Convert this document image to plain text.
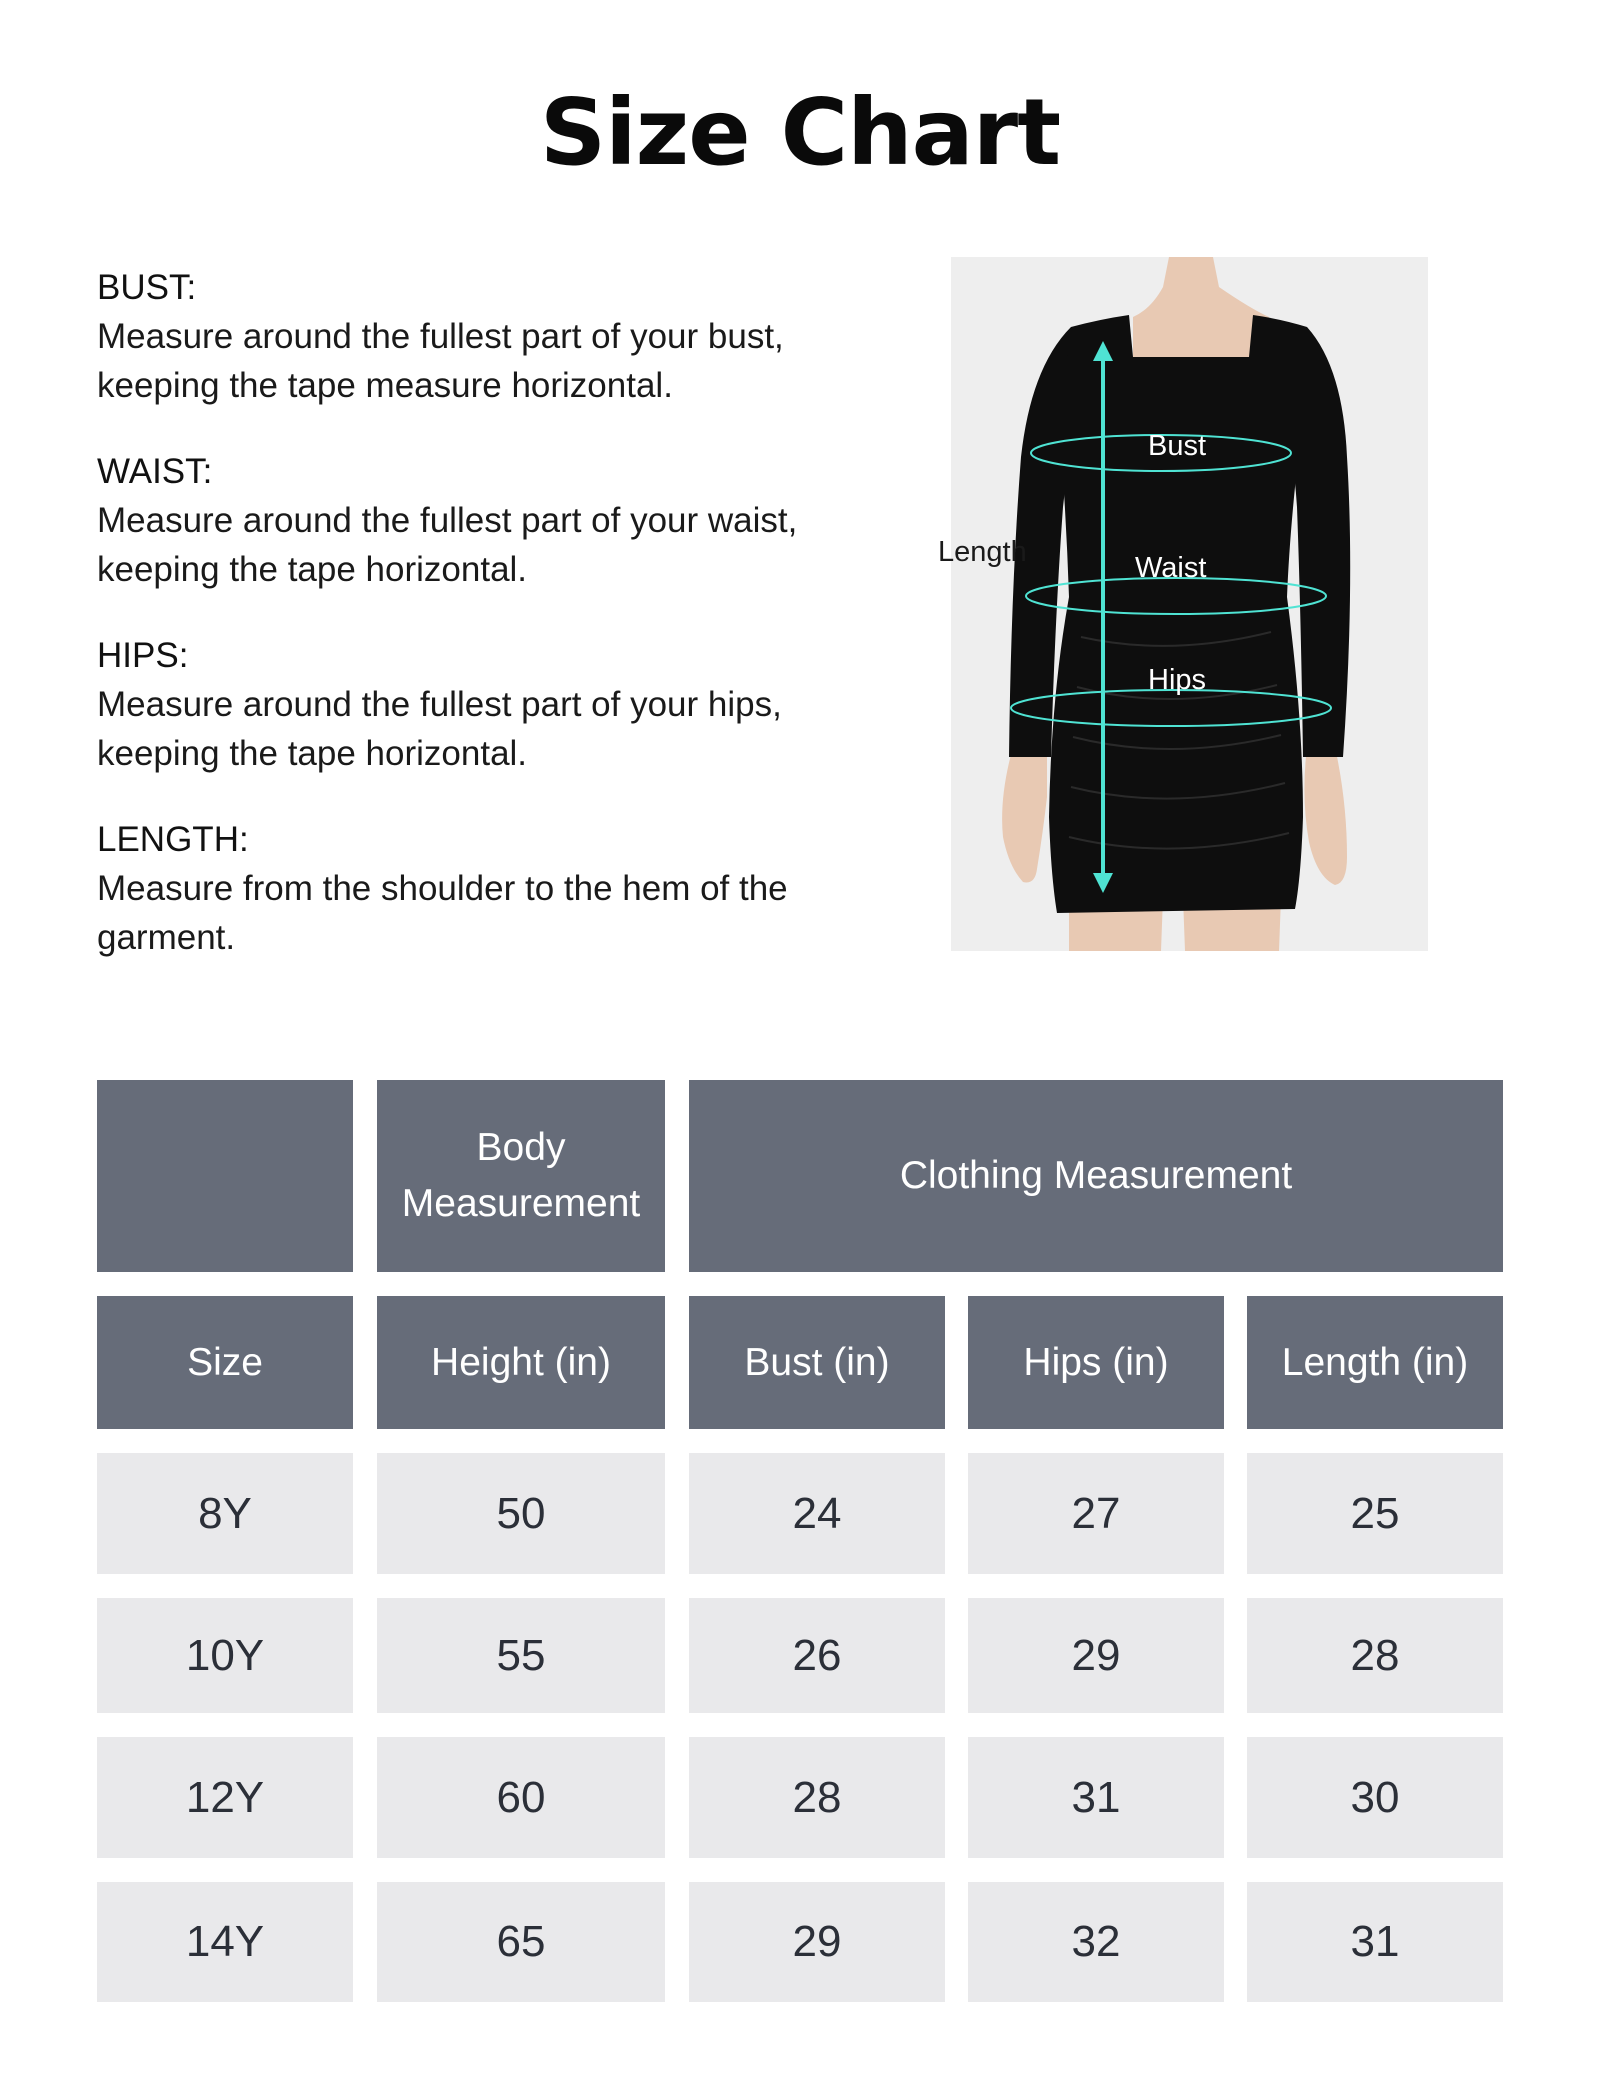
Size Chart
BUST:
Measure around the fullest part of your bust, keeping the tape measure horizontal.
WAIST:
Measure around the fullest part of your waist, keeping the tape horizontal.
HIPS:
Measure around the fullest part of your hips, keeping the tape horizontal.
LENGTH:
Measure from the shoulder to the hem of the garment.
Length
Bust
Waist
Hips
Body Measurement
Clothing Measurement
Size	Height (in)	Bust (in)	Hips (in)	Length (in)
8Y	50	24	27	25
10Y	55	26	29	28
12Y	60	28	31	30
14Y	65	29	32	31
